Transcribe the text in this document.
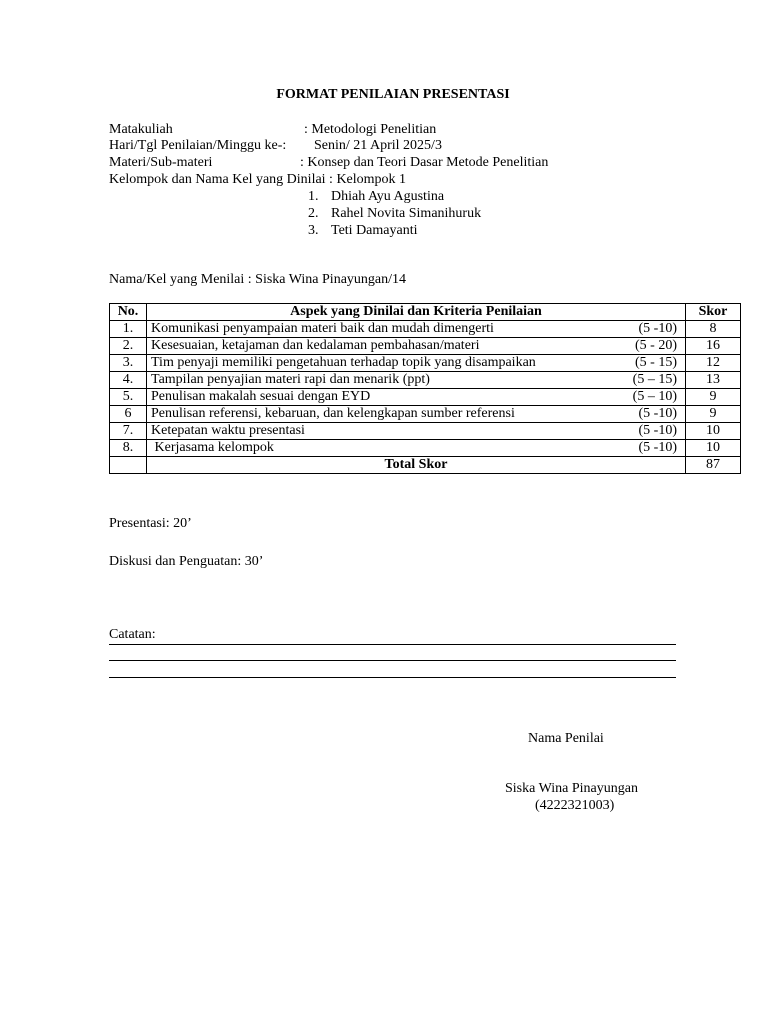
FORMAT PENILAIAN PRESENTASI
Matakuliah	: Metodologi Penelitian
Hari/Tgl Penilaian/Minggu ke-: Senin/ 21 April 2025/3
Materi/Sub-materi	: Konsep dan Teori Dasar Metode Penelitian
Kelompok dan Nama Kel yang Dinilai : Kelompok 1
1. Dhiah Ayu Agustina
2. Rahel Novita Simanihuruk
3. Teti Damayanti
Nama/Kel yang Menilai : Siska Wina Pinayungan/14
No.	Aspek yang Dinilai dan Kriteria Penilaian	Skor
1.	Komunikasi penyampaian materi baik dan mudah dimengerti (5 -10)	8
2.	Kesesuaian, ketajaman dan kedalaman pembahasan/materi (5 - 20)	16
3.	Tim penyaji memiliki pengetahuan terhadap topik yang disampaikan (5 - 15)	12
4.	Tampilan penyajian materi rapi dan menarik (ppt) (5 – 15)	13
5.	Penulisan makalah sesuai dengan EYD (5 – 10)	9
6	Penulisan referensi, kebaruan, dan kelengkapan sumber referensi (5 -10)	9
7.	Ketepatan waktu presentasi (5 -10)	10
8.	Kerjasama kelompok (5 -10)	10
	Total Skor	87
Presentasi: 20’
Diskusi dan Penguatan: 30’
Catatan:
Nama Penilai
Siska Wina Pinayungan
(4222321003)
